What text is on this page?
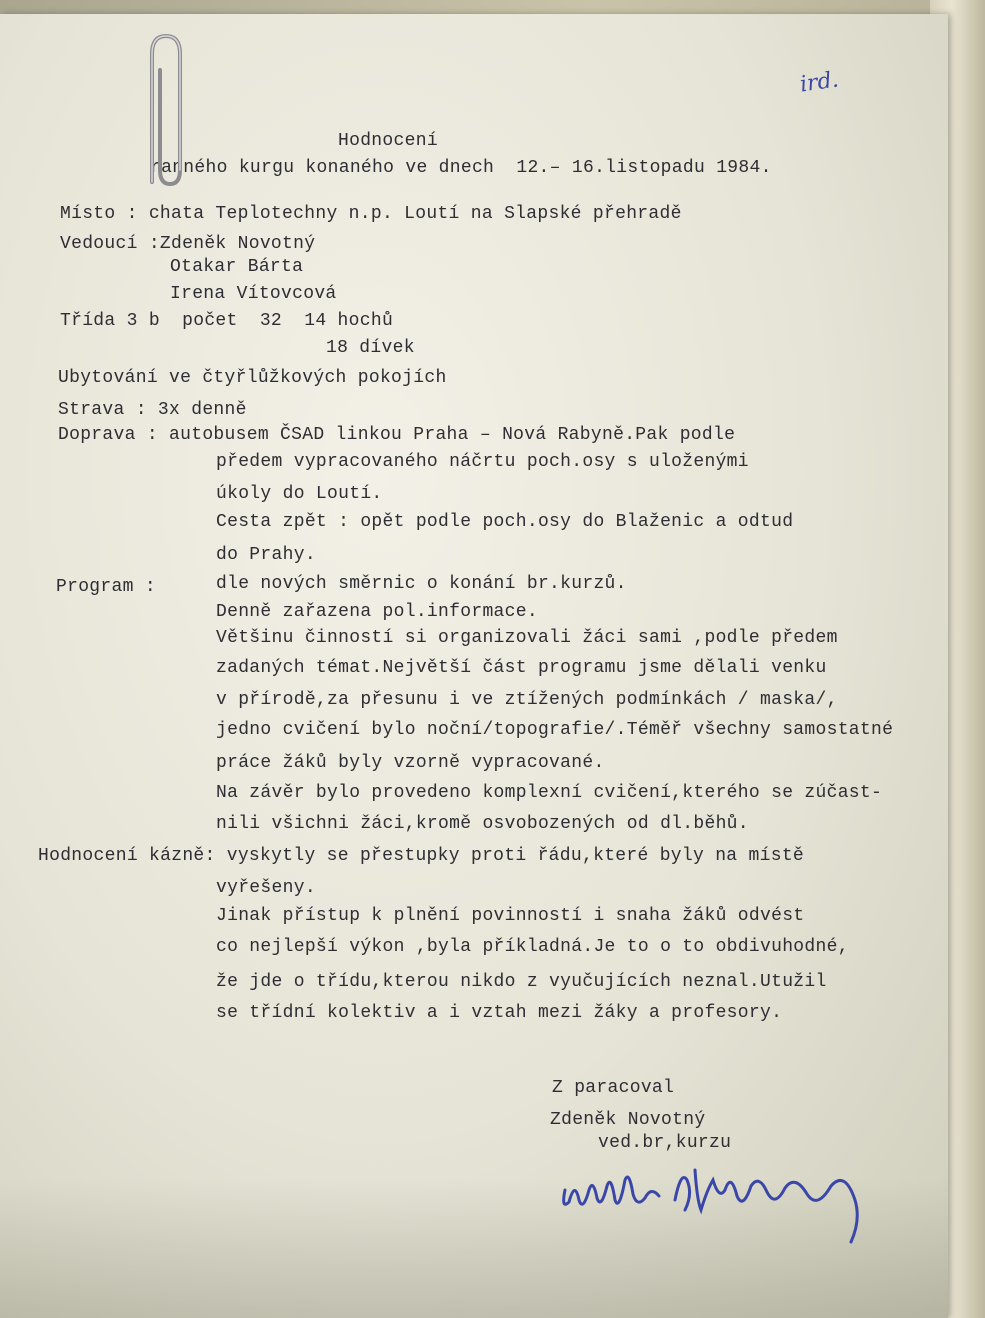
ird.
Hodnocení
ranného kurgu konaného ve dnech  12.– 16.listopadu 1984.
Místo : chata Teplotechny n.p. Loutí na Slapské přehradě
Vedoucí :Zdeněk Novotný
Otakar Bárta
Irena Vítovcová
Třída 3 b  počet  32  14 hochů
18 dívek
Ubytování ve čtyřlůžkových pokojích
Strava : 3x denně
Doprava : autobusem ČSAD linkou Praha – Nová Rabyně.Pak podle
předem vypracovaného náčrtu poch.osy s uloženými
úkoly do Loutí.
Cesta zpět : opět podle poch.osy do Blaženic a odtud
do Prahy.
Program :	dle nových směrnic o konání br.kurzů.
Denně zařazena pol.informace.
Většinu činností si organizovali žáci sami ,podle předem
zadaných témat.Největší část programu jsme dělali venku
v přírodě,za přesunu i ve ztížených podmínkách / maska/,
jedno cvičení bylo noční/topografie/.Téměř všechny samostatné
práce žáků byly vzorně vypracované.
Na závěr bylo provedeno komplexní cvičení,kterého se zúčast-
nili všichni žáci,kromě osvobozených od dl.běhů.
Hodnocení kázně: vyskytly se přestupky proti řádu,které byly na místě
vyřešeny.
Jinak přístup k plnění povinností i snaha žáků odvést
co nejlepší výkon ,byla příkladná.Je to o to obdivuhodné,
že jde o třídu,kterou nikdo z vyučujících neznal.Utužil
se třídní kolektiv a i vztah mezi žáky a profesory.
Z paracoval
Zdeněk Novotný
ved.br,kurzu
